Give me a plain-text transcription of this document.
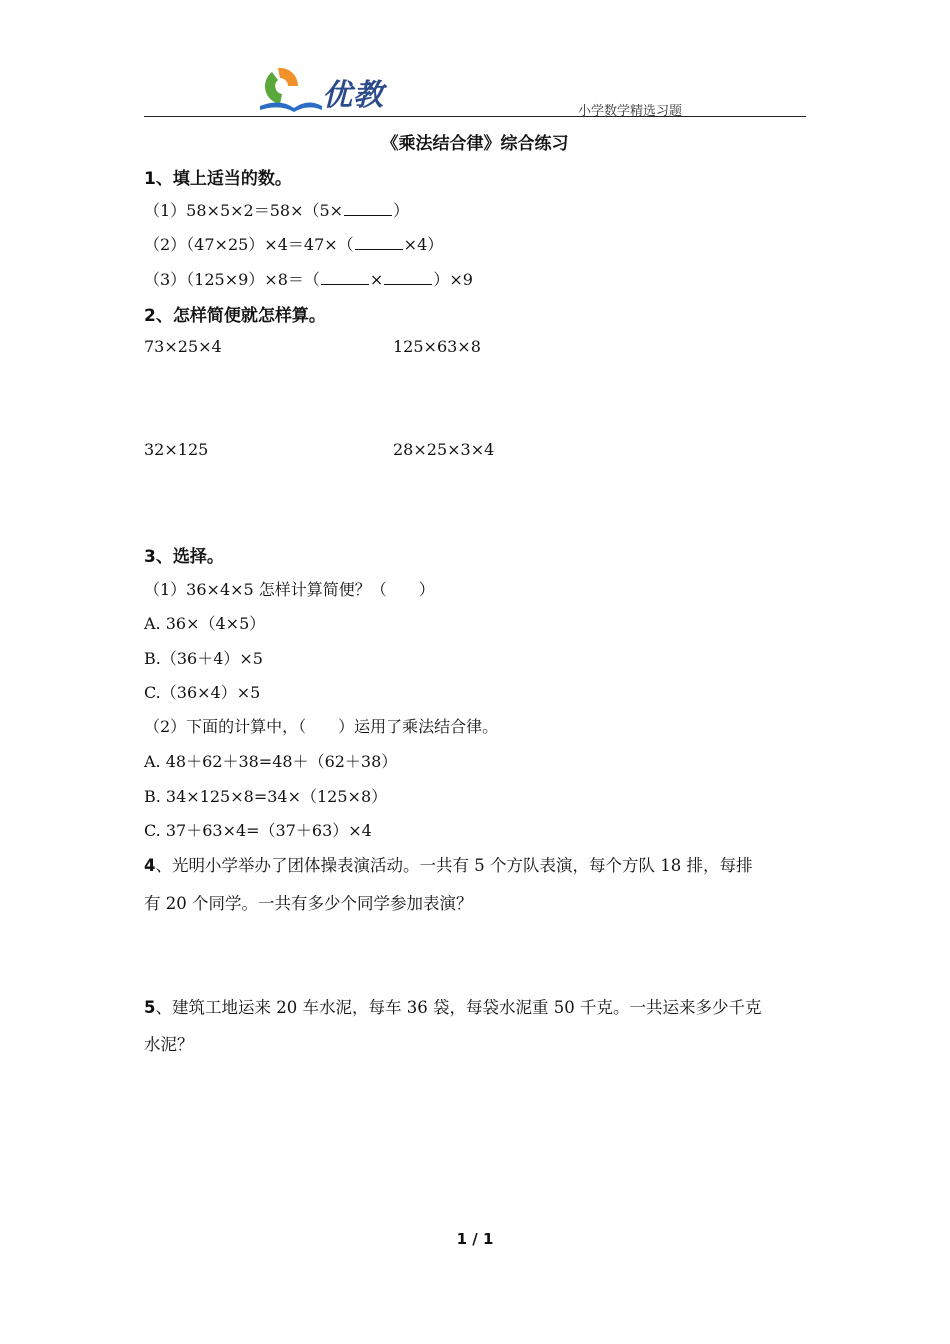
优教	小学数学精选习题
《乘法结合律》综合练习
1、填上适当的数。
（1）58×5×2＝58×（5×	）
（2）（47×25）×4＝47×（	×4）
（3）（125×9）×8＝（	×	）×9
2、怎样简便就怎样算。
73×25×4	125×63×8
32×125	28×25×3×4
3、选择。
（1）36×4×5 怎样计算简便？（　　）
A. 36×（4×5）
B.（36＋4）×5
C.（36×4）×5
（2）下面的计算中，（　　）运用了乘法结合律。
A. 48＋62＋38=48＋（62＋38）
B. 34×125×8=34×（125×8）
C. 37＋63×4=（37＋63）×4
4、光明小学举办了团体操表演活动。一共有 5 个方队表演，每个方队 18 排，每排
有 20 个同学。一共有多少个同学参加表演？
5、建筑工地运来 20 车水泥，每车 36 袋，每袋水泥重 50 千克。一共运来多少千克
水泥？
1 / 1
